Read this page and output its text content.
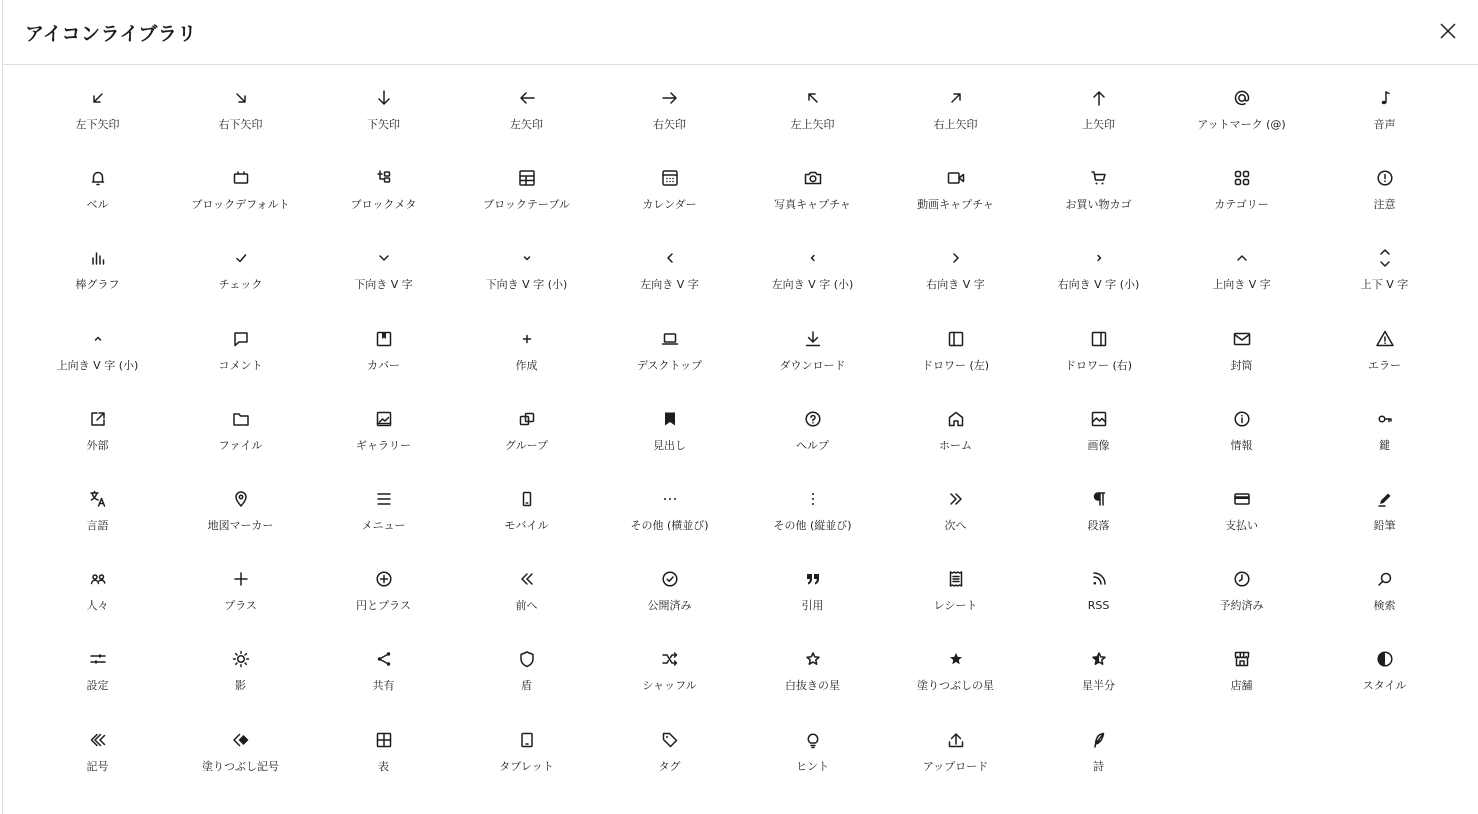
アイコンライブラリ
左下矢印	右下矢印	下矢印	左矢印	右矢印	左上矢印	右上矢印	上矢印	アットマーク (@)	音声
ベル	ブロックデフォルト	ブロックメタ	ブロックテーブル	カレンダー	写真キャプチャ	動画キャプチャ	お買い物カゴ	カテゴリー	注意
棒グラフ	チェック	下向き V 字	下向き V 字 (小)	左向き V 字	左向き V 字 (小)	右向き V 字	右向き V 字 (小)	上向き V 字	上下 V 字
上向き V 字 (小)	コメント	カバー	作成	デスクトップ	ダウンロード	ドロワー (左)	ドロワー (右)	封筒	エラー
外部	ファイル	ギャラリー	グループ	見出し	ヘルプ	ホーム	画像	情報	鍵
言語	地図マーカー	メニュー	モバイル	その他 (横並び)	その他 (縦並び)	次へ	段落	支払い	鉛筆
人々	プラス	円とプラス	前へ	公開済み	引用	レシート	RSS	予約済み	検索
設定	影	共有	盾	シャッフル	白抜きの星	塗りつぶしの星	星半分	店舗	スタイル
記号	塗りつぶし記号	表	タブレット	タグ	ヒント	アップロード	詩
